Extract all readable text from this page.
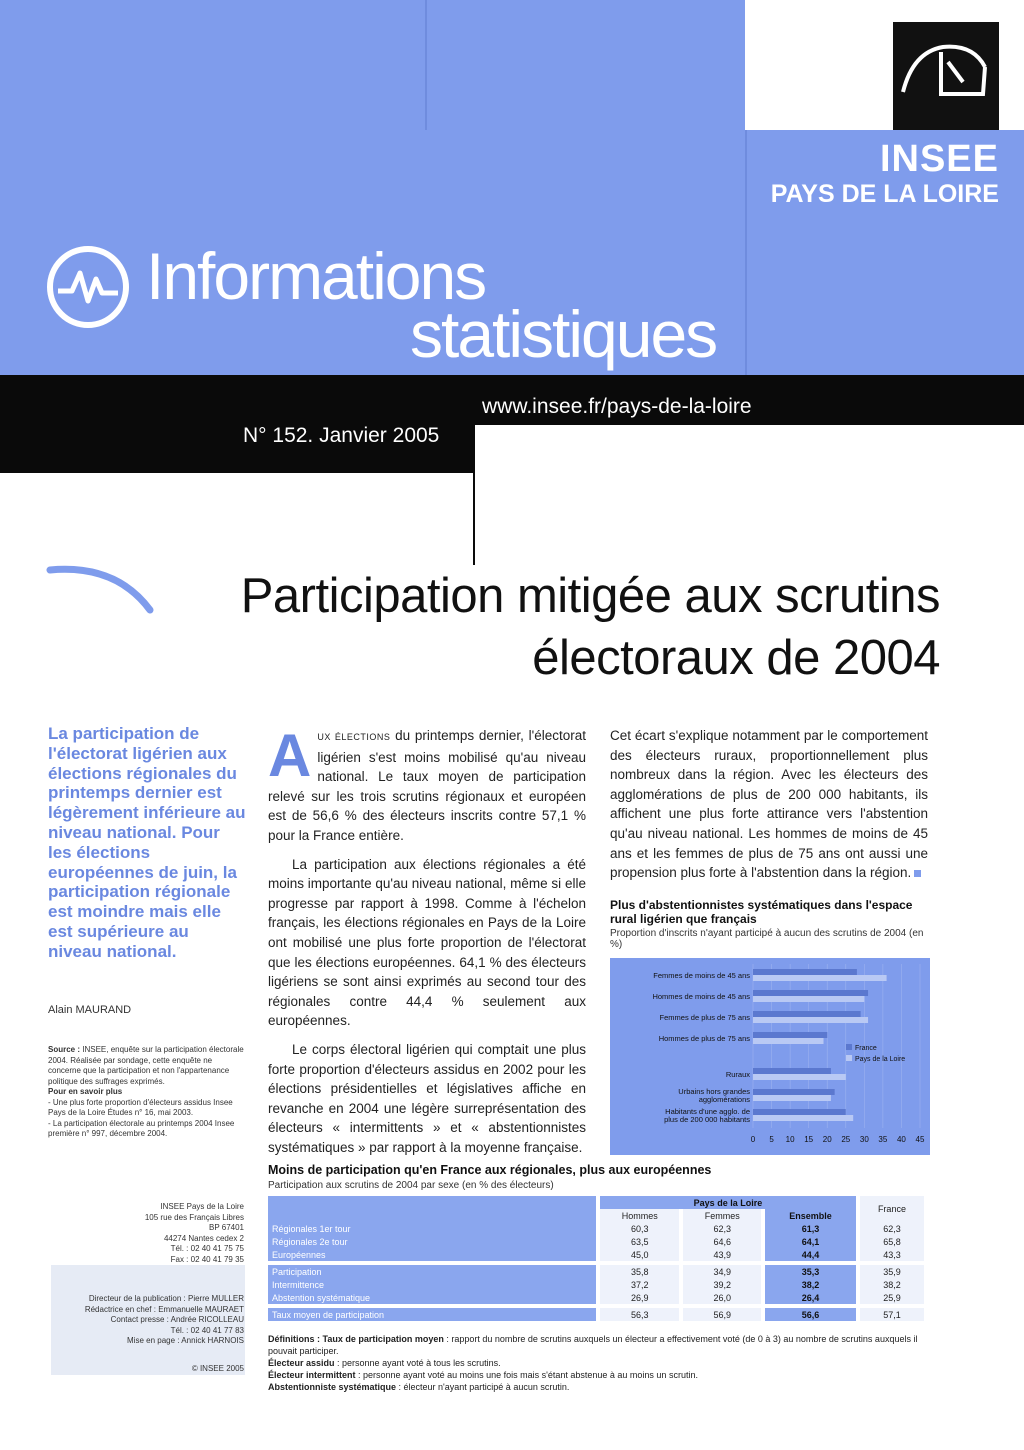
INSEE
PAYS DE LA LOIRE
Informations
statistiques
www.insee.fr/pays-de-la-loire
N° 152. Janvier 2005
Participation mitigée aux scrutins
électoraux de 2004
La participation de l'électorat ligérien aux élections régionales du printemps dernier est légèrement inférieure au niveau national. Pour les élections européennes de juin, la participation régionale est moindre mais elle est supérieure au niveau national.
Alain MAURAND
Source : INSEE, enquête sur la participation électorale 2004. Réalisée par sondage, cette enquête ne concerne que la participation et non l'appartenance politique des suffrages exprimés.
Pour en savoir plus
- Une plus forte proportion d'électeurs assidus Insee Pays de la Loire Études n° 16, mai 2003.
- La participation électorale au printemps 2004 Insee première n° 997, décembre 2004.
INSEE Pays de la Loire
105 rue des Français Libres
BP 67401
44274 Nantes cedex 2
Tél. : 02 40 41 75 75
Fax : 02 40 41 79 35
Directeur de la publication : Pierre MULLER
Rédactrice en chef : Emmanuelle MAURAET
Contact presse : Andrée RICOLLEAU
Tél. : 02 40 41 77 83
Mise en page : Annick HARNOIS
© INSEE 2005

AUX ÉLECTIONS du printemps dernier, l'électorat ligérien s'est moins mobilisé qu'au niveau national. Le taux moyen de participation relevé sur les trois scrutins régionaux et européen est de 56,6 % des électeurs inscrits contre 57,1 % pour la France entière.

La participation aux élections régionales a été moins importante qu'au niveau national, même si elle progresse par rapport à 1998. Comme à l'échelon français, les élections régionales en Pays de la Loire ont mobilisé une plus forte proportion de l'électorat que les élections européennes. 64,1 % des électeurs ligériens se sont ainsi exprimés au second tour des régionales contre 44,4 % seulement aux européennes.

Le corps électoral ligérien qui comptait une plus forte proportion d'électeurs assidus en 2002 pour les élections présidentielles et législatives affiche en revanche en 2004 une légère surreprésentation des électeurs « intermittents » et « abstentionnistes systématiques » par rapport à la moyenne française.

Cet écart s'explique notamment par le comportement des électeurs ruraux, proportionnellement plus nombreux dans la région. Avec les électeurs des agglomérations de plus de 200 000 habitants, ils affichent une plus forte attirance vers l'abstention qu'au niveau national. Les hommes de moins de 45 ans et les femmes de plus de 75 ans ont aussi une propension plus forte à l'abstention dans la région.

Plus d'abstentionnistes systématiques dans l'espace rural ligérien que français
Proportion d'inscrits n'ayant participé à aucun des scrutins de 2004 (en %)
0 5 10 15 20 25 30 35 40 45
Femmes de moins de 45 ans
Hommes de moins de 45 ans
Femmes de plus de 75 ans
Hommes de plus de 75 ans
Ruraux
Urbains hors grandes
agglomérations
Habitants d'une agglo. de
plus de 200 000 habitants
France
Pays de la Loire
Moins de participation qu'en France aux régionales, plus aux européennes
Participation aux scrutins de 2004 par sexe (en % des électeurs)
	Pays de la Loire			France
	Hommes	Femmes	Ensemble	
Régionales 1er tour	60,3	62,3	61,3	62,3
Régionales 2e tour	63,5	64,6	64,1	65,8
Européennes	45,0	43,9	44,4	43,3

Participation	35,8	34,9	35,3	35,9
Intermittence	37,2	39,2	38,2	38,2
Abstention systématique	26,9	26,0	26,4	25,9

Taux moyen de participation	56,3	56,9	56,6	57,1
Définitions : Taux de participation moyen : rapport du nombre de scrutins auxquels un électeur a effectivement voté (de 0 à 3) au nombre de scrutins auxquels il pouvait participer.
Électeur assidu : personne ayant voté à tous les scrutins.
Électeur intermittent : personne ayant voté au moins une fois mais s'étant abstenue à au moins un scrutin.
Abstentionniste systématique : électeur n'ayant participé à aucun scrutin.
